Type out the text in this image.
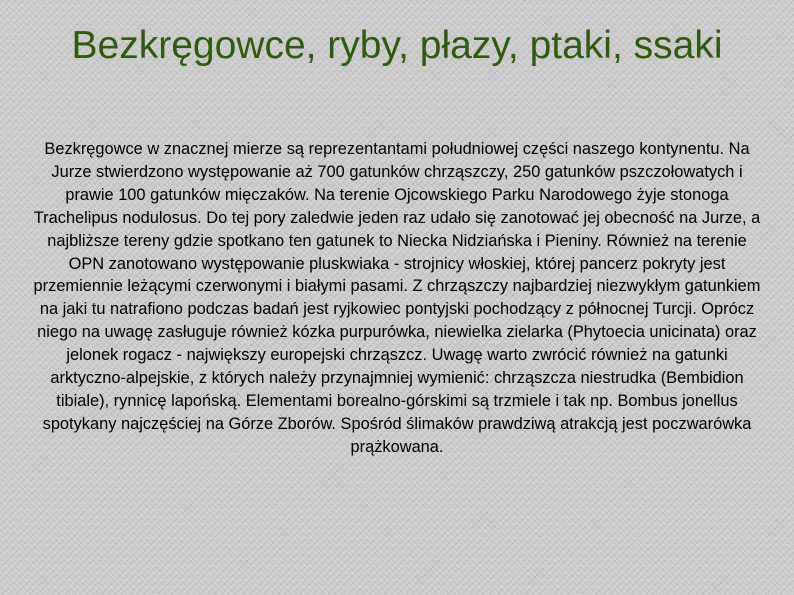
Bezkręgowce, ryby, płazy, ptaki, ssaki

Bezkręgowce w znacznej mierze są reprezentantami południowej części naszego kontynentu. Na Jurze stwierdzono występowanie aż 700 gatunków chrząszczy, 250 gatunków pszczołowatych i prawie 100 gatunków mięczaków. Na terenie Ojcowskiego Parku Narodowego żyje stonoga Trachelipus nodulosus. Do tej pory zaledwie jeden raz udało się zanotować jej obecność na Jurze, a najbliższe tereny gdzie spotkano ten gatunek to Niecka Nidziańska i Pieniny. Również na terenie OPN zanotowano występowanie pluskwiaka - strojnicy włoskiej, której pancerz pokryty jest przemiennie leżącymi czerwonymi i białymi pasami. Z chrząszczy najbardziej niezwykłym gatunkiem na jaki tu natrafiono podczas badań jest ryjkowiec pontyjski pochodzący z północnej Turcji. Oprócz niego na uwagę zasługuje również kózka purpurówka, niewielka zielarka (Phytoecia unicinata) oraz jelonek rogacz - największy europejski chrząszcz. Uwagę warto zwrócić również na gatunki arktyczno-alpejskie, z których należy przynajmniej wymienić: chrząszcza niestrudka (Bembidion tibiale), rynnicę lapońską. Elementami borealno-górskimi są trzmiele i tak np. Bombus jonellus spotykany najczęściej na Górze Zborów. Spośród ślimaków prawdziwą atrakcją jest poczwarówka prążkowana.
